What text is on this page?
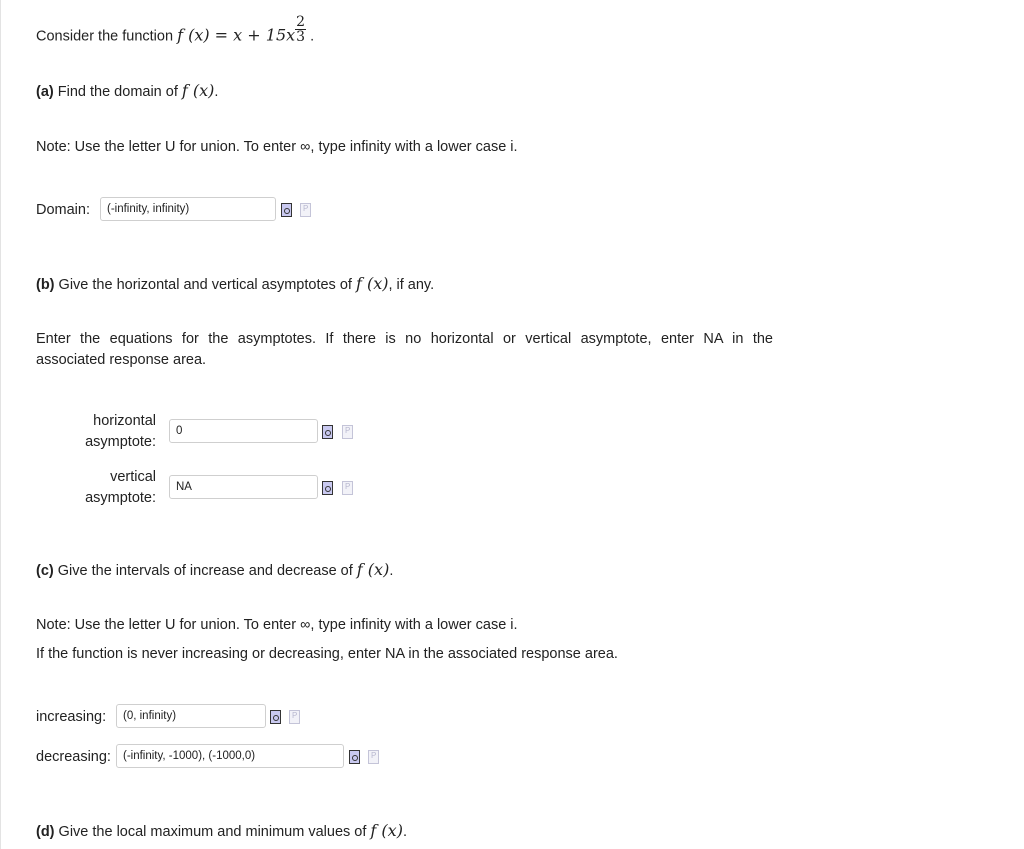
Consider the function f $(x) = x + 15x \frac{2}{3}$ .
(a) Find the domain of f (x).
Note: Use the letter U for union. To enter ∞, type infinity with a lower case i.
Domain:
(-infinity, infinity)
P
(b) Give the horizontal and vertical asymptotes of f (x), if any.
Enter the equations for the asymptotes. If there is no horizontal or vertical asymptote, enter NA in the
associated response area.
horizontal
asymptote:
0
P
vertical
asymptote:
NA
P
(c) Give the intervals of increase and decrease of f (x).
Note: Use the letter U for union. To enter ∞, type infinity with a lower case i.
If the function is never increasing or decreasing, enter NA in the associated response area.
increasing:
(0, infinity)
P
decreasing:
(-infinity, -1000), (-1000,0)
P
(d) Give the local maximum and minimum values of f (x).
